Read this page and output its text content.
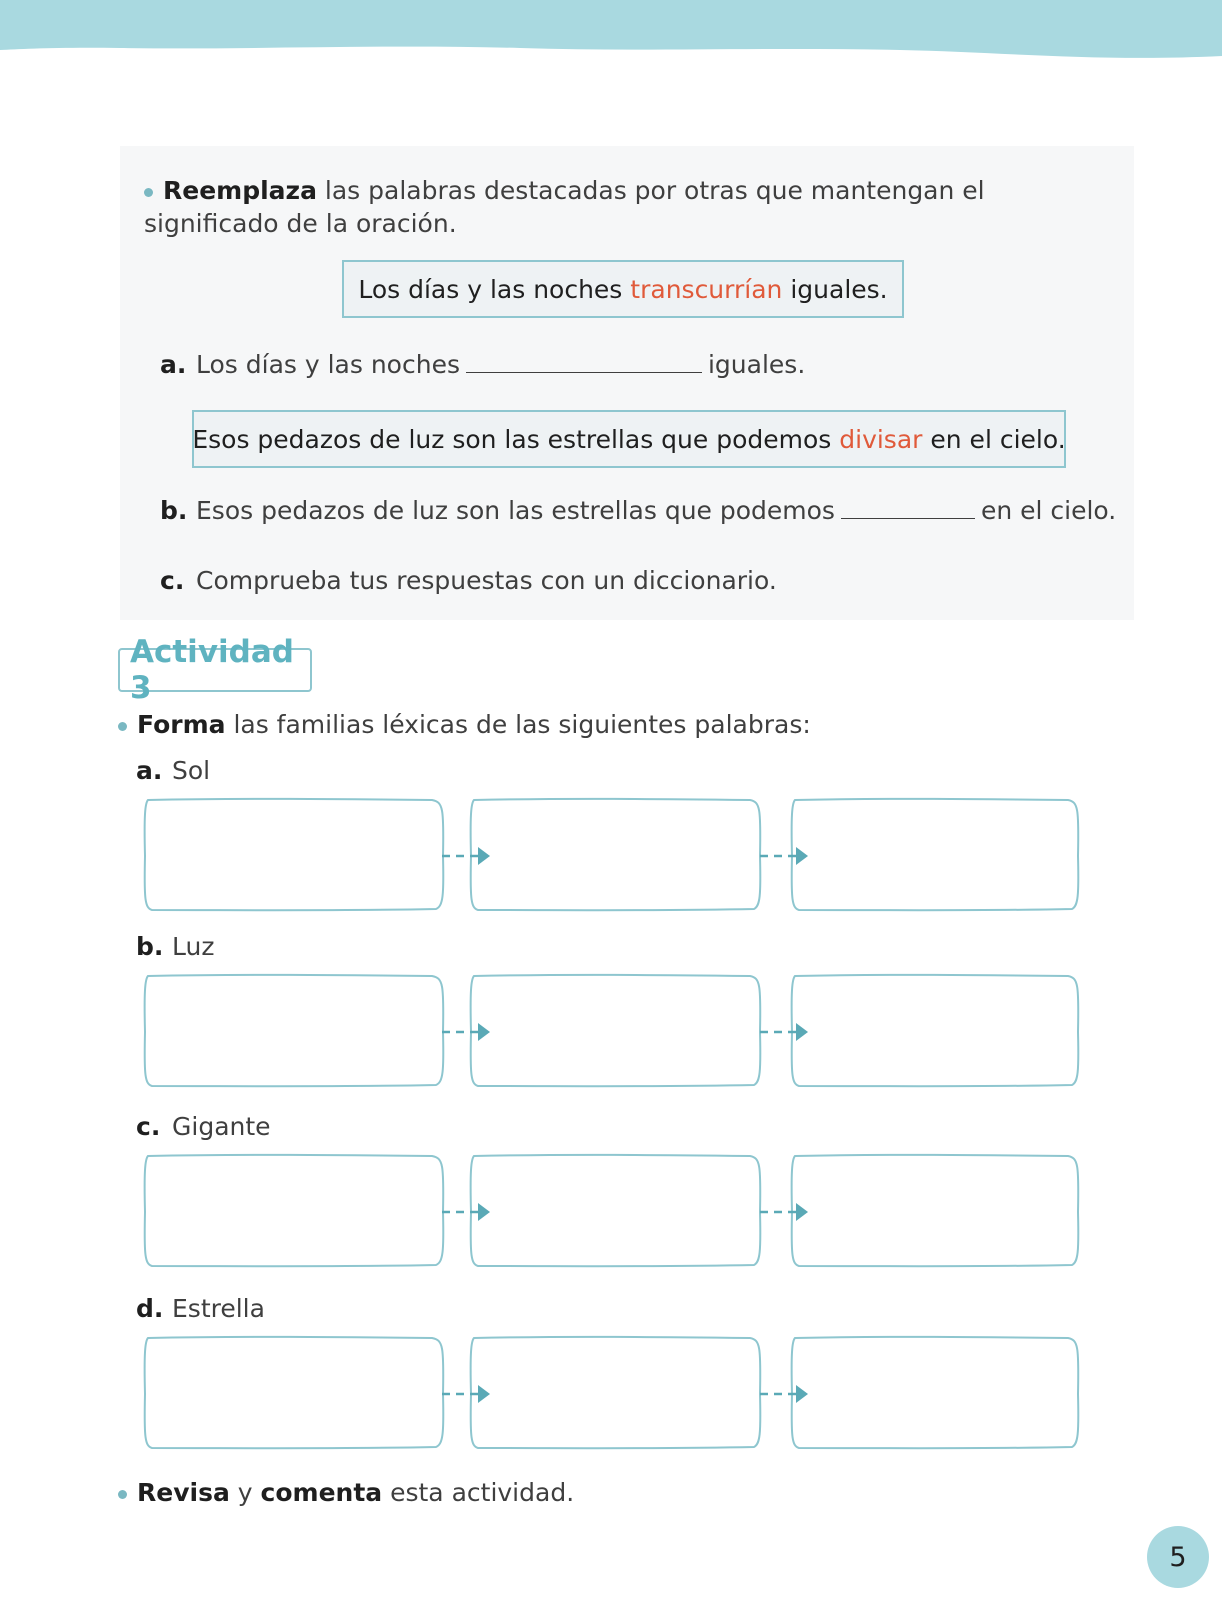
Reemplaza las palabras destacadas por otras que mantengan el significado de la oración.
Los días y las noches transcurrían iguales.
a. Los días y las noches	iguales.
Esos pedazos de luz son las estrellas que podemos divisar en el cielo.
b. Esos pedazos de luz son las estrellas que podemos	en el cielo.
c. Comprueba tus respuestas con un diccionario.
Actividad 3
Forma las familias léxicas de las siguientes palabras:
a. Sol
b. Luz
c. Gigante
d. Estrella
Revisa y comenta esta actividad.
5
